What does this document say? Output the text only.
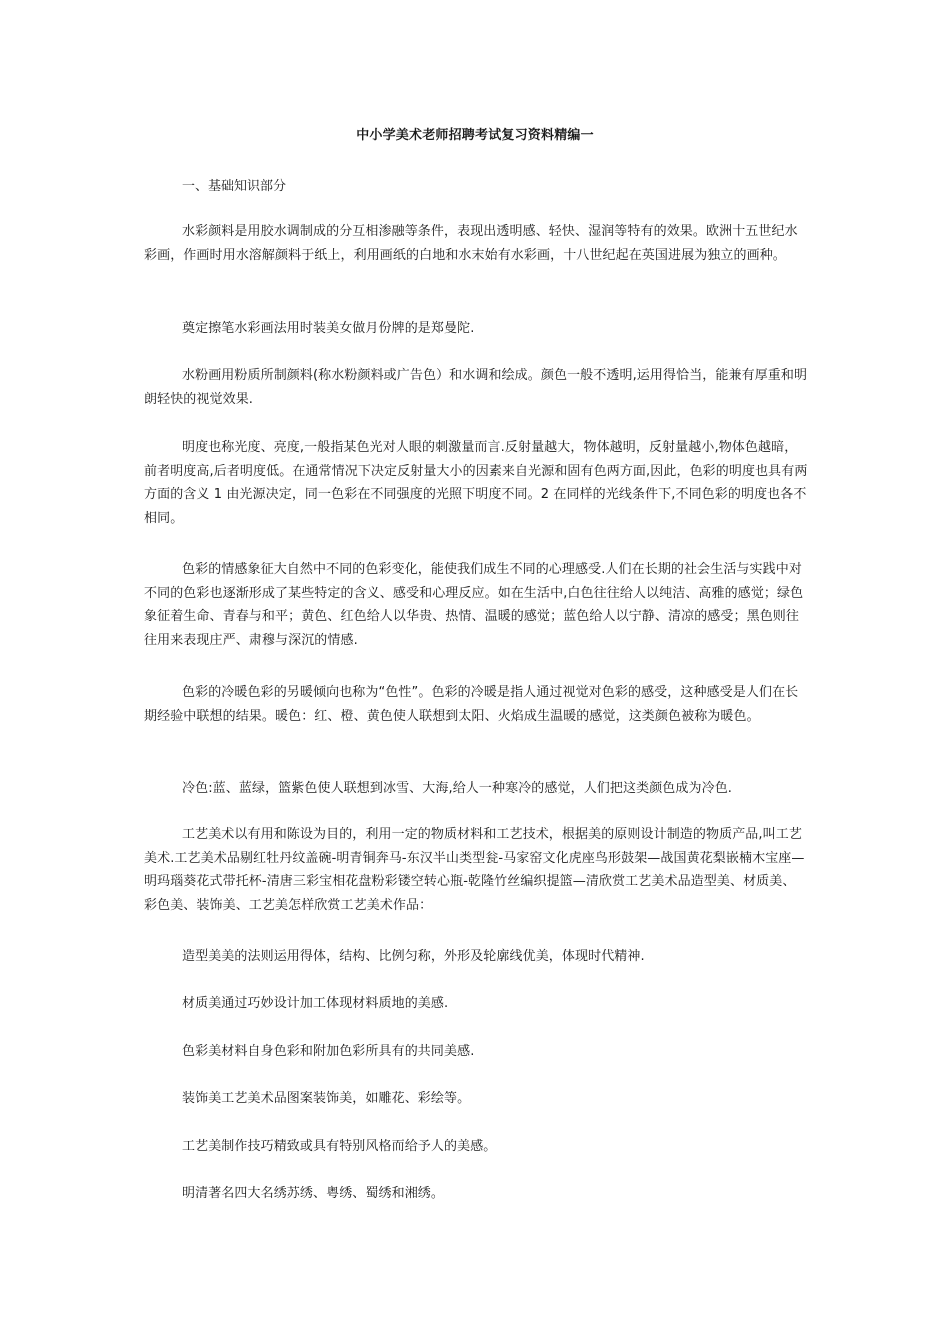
中小学美术老师招聘考试复习资料精编一
一、基础知识部分

水彩颜料是用胶水调制成的分互相渗融等条件，表现出透明感、轻快、湿润等特有的效果。欧洲十五世纪水彩画，作画时用水溶解颜料于纸上，利用画纸的白地和水末始有水彩画，十八世纪起在英国进展为独立的画种。

奠定擦笔水彩画法用时装美女做月份牌的是郑曼陀.

水粉画用粉质所制颜料(称水粉颜料或广告色）和水调和绘成。颜色一般不透明,运用得恰当，能兼有厚重和明朗轻快的视觉效果.

明度也称光度、亮度,一般指某色光对人眼的刺激量而言.反射量越大，物体越明，反射量越小,物体色越暗，前者明度高,后者明度低。在通常情况下决定反射量大小的因素来自光源和固有色两方面,因此，色彩的明度也具有两方面的含义 1 由光源决定，同一色彩在不同强度的光照下明度不同。2 在同样的光线条件下,不同色彩的明度也各不相同。

色彩的情感象征大自然中不同的色彩变化，能使我们成生不同的心理感受.人们在长期的社会生活与实践中对不同的色彩也逐渐形成了某些特定的含义、感受和心理反应。如在生活中,白色往往给人以纯洁、高雅的感觉；绿色象征着生命、青春与和平；黄色、红色给人以华贵、热情、温暖的感觉；蓝色给人以宁静、清凉的感受；黑色则往往用来表现庄严、肃穆与深沉的情感.

色彩的冷暖色彩的另暖倾向也称为“色性”。色彩的冷暖是指人通过视觉对色彩的感受，这种感受是人们在长期经验中联想的结果。暖色：红、橙、黄色使人联想到太阳、火焰成生温暖的感觉，这类颜色被称为暖色。

冷色:蓝、蓝绿，篮紫色使人联想到冰雪、大海,给人一种寒冷的感觉，人们把这类颜色成为冷色.

工艺美术以有用和陈设为目的，利用一定的物质材料和工艺技术，根据美的原则设计制造的物质产品,叫工艺美术.工艺美术品剔红牡丹纹盖碗-明青铜奔马-东汉半山类型瓮-马家窑文化虎座鸟形鼓架—战国黄花梨嵌楠木宝座—明玛瑙葵花式带托杯-清唐三彩宝相花盘粉彩镂空转心瓶-乾隆竹丝编织提篮—清欣赏工艺美术品造型美、材质美、彩色美、装饰美、工艺美怎样欣赏工艺美术作品：

造型美美的法则运用得体，结构、比例匀称，外形及轮廓线优美，体现时代精神.

材质美通过巧妙设计加工体现材料质地的美感.

色彩美材料自身色彩和附加色彩所具有的共同美感.

装饰美工艺美术品图案装饰美，如雕花、彩绘等。

工艺美制作技巧精致或具有特别风格而给予人的美感。

明清著名四大名绣苏绣、粤绣、蜀绣和湘绣。
